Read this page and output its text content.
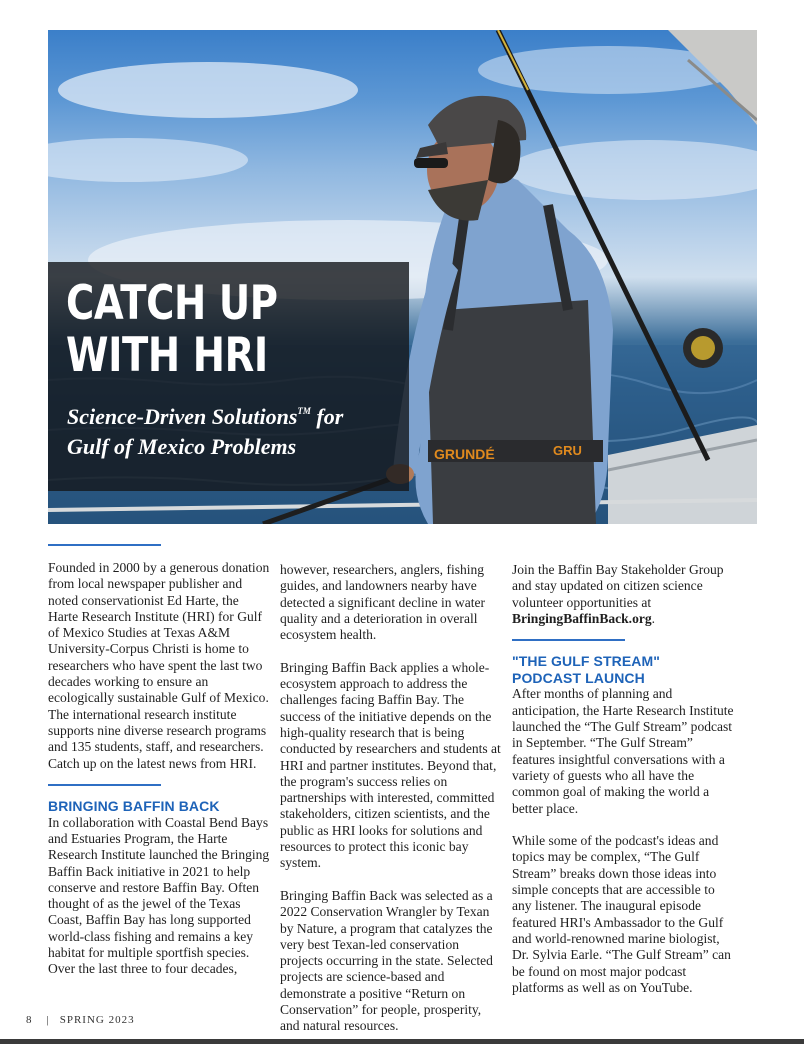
GRUNDÉ	GRU
CATCH UP
WITH HRI
Science-Driven Solutions™ for
Gulf of Mexico Problems

Founded in 2000 by a generous donation from local newspaper publisher and noted conservationist Ed Harte, the Harte Research Institute (HRI) for Gulf of Mexico Studies at Texas A&M University-Corpus Christi is home to researchers who have spent the last two decades working to ensure an ecologically sustainable Gulf of Mexico. The international research institute supports nine diverse research programs and 135 students, staff, and researchers. Catch up on the latest news from HRI.

BRINGING BAFFIN BACK

In collaboration with Coastal Bend Bays and Estuaries Program, the Harte Research Institute launched the Bringing Baffin Back initiative in 2021 to help conserve and restore Baffin Bay. Often thought of as the jewel of the Texas Coast, Baffin Bay has long supported world-class fishing and remains a key habitat for multiple sportfish species. Over the last three to four decades,

however, researchers, anglers, fishing guides, and landowners nearby have detected a significant decline in water quality and a deterioration in overall ecosystem health.

Bringing Baffin Back applies a whole-ecosystem approach to address the challenges facing Baffin Bay. The success of the initiative depends on the high-quality research that is being conducted by researchers and students at HRI and partner institutes. Beyond that, the program's success relies on partnerships with interested, committed stakeholders, citizen scientists, and the public as HRI looks for solutions and resources to protect this iconic bay system.

Bringing Baffin Back was selected as a 2022 Conservation Wrangler by Texan by Nature, a program that catalyzes the very best Texan-led conservation projects occurring in the state. Selected projects are science-based and demonstrate a positive “Return on Conservation” for people, prosperity, and natural resources.

Join the Baffin Bay Stakeholder Group and stay updated on citizen science volunteer opportunities at BringingBaffinBack.org.

"THE GULF STREAM"
PODCAST LAUNCH

After months of planning and anticipation, the Harte Research Institute launched the “The Gulf Stream” podcast in September. “The Gulf Stream” features insightful conversations with a variety of guests who all have the common goal of making the world a better place.

While some of the podcast's ideas and topics may be complex, “The Gulf Stream” breaks down those ideas into simple concepts that are accessible to any listener. The inaugural episode featured HRI's Ambassador to the Gulf and world-renowned marine biologist, Dr. Sylvia Earle. “The Gulf Stream” can be found on most major podcast platforms as well as on YouTube.

8 | SPRING 2023
